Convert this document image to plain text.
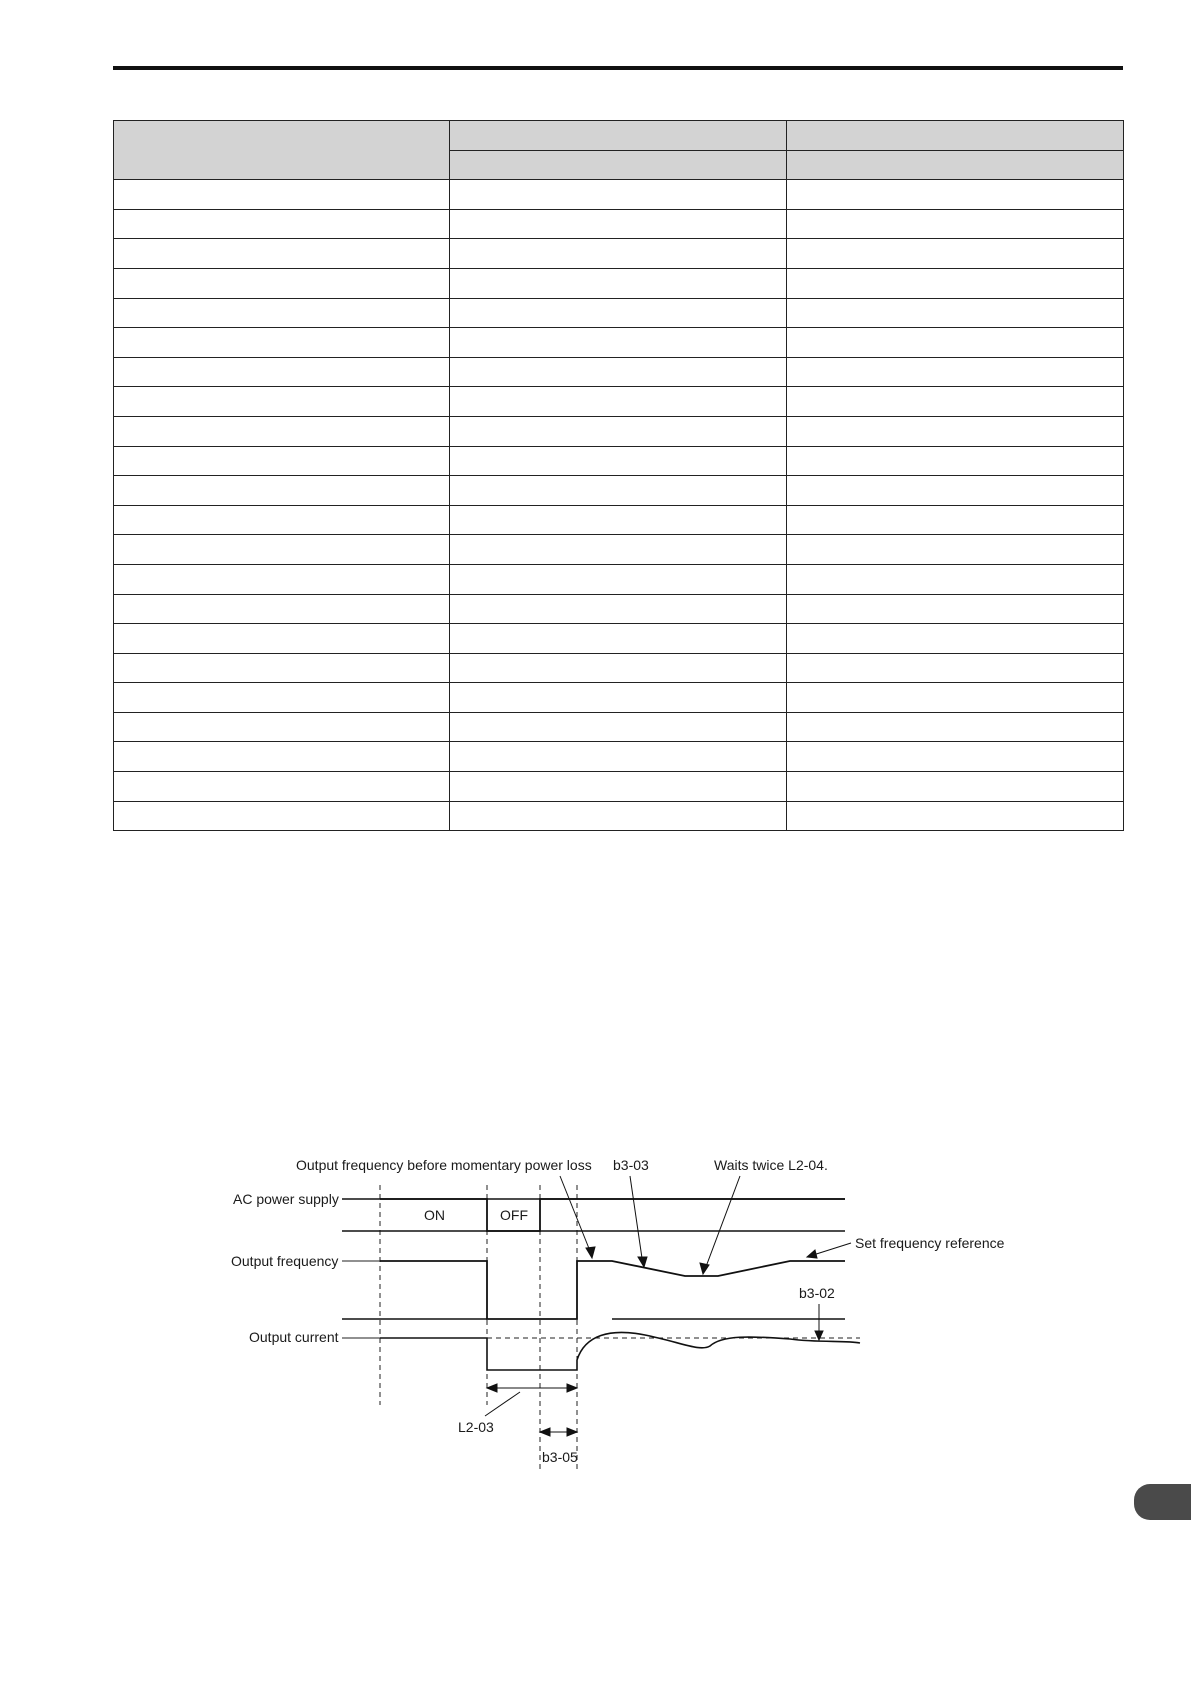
Output frequency before momentary power loss b3-03	Waits twice L2-04.
AC power supply
ON	OFF
Output frequency
Set frequency reference
b3-02
Output current
L2-03
b3-05
